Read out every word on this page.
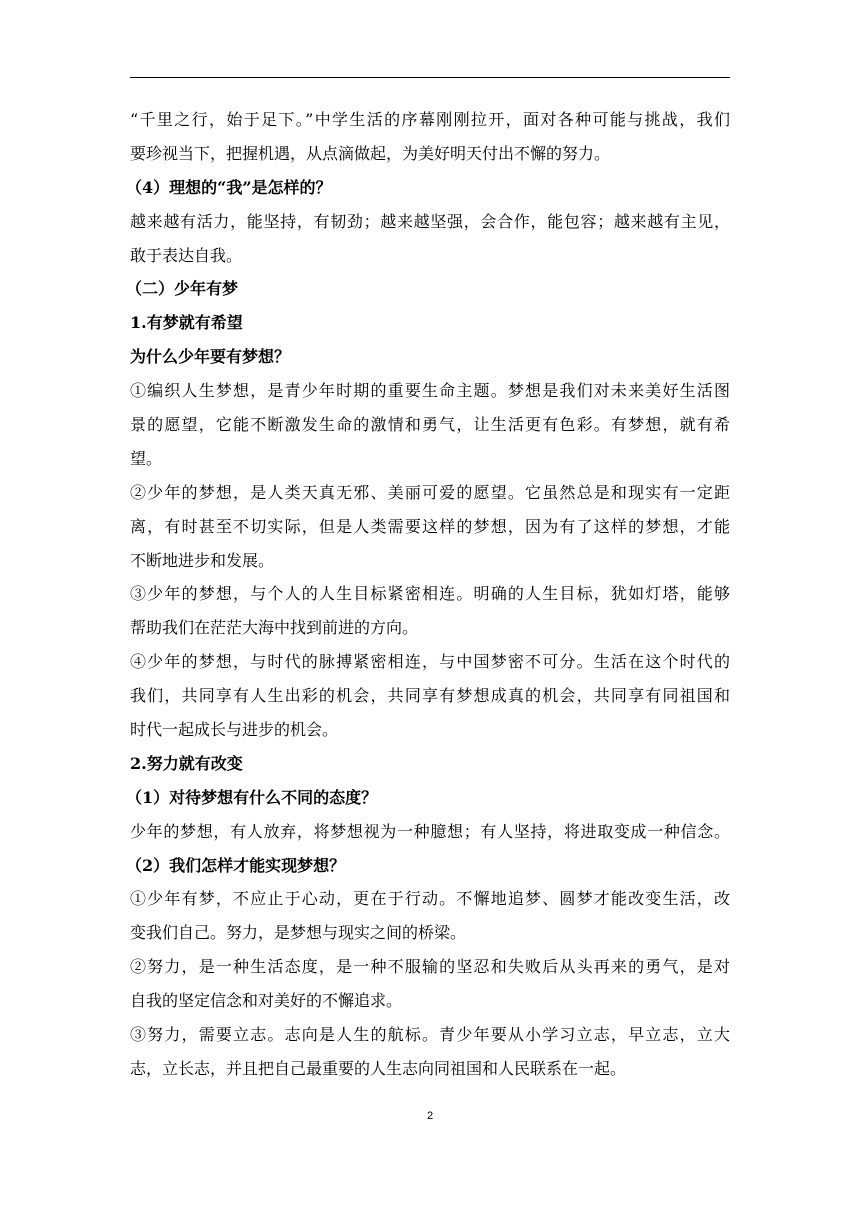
“千里之行，始于足下。”中学生活的序幕刚刚拉开，面对各种可能与挑战，我们
要珍视当下，把握机遇，从点滴做起，为美好明天付出不懈的努力。
（4）理想的“我”是怎样的？
越来越有活力，能坚持，有韧劲；越来越坚强，会合作，能包容；越来越有主见，
敢于表达自我。
（二）少年有梦
1.有梦就有希望
为什么少年要有梦想？
①编织人生梦想，是青少年时期的重要生命主题。梦想是我们对未来美好生活图
景的愿望，它能不断激发生命的激情和勇气，让生活更有色彩。有梦想，就有希
望。
②少年的梦想，是人类天真无邪、美丽可爱的愿望。它虽然总是和现实有一定距
离，有时甚至不切实际，但是人类需要这样的梦想，因为有了这样的梦想，才能
不断地进步和发展。
③少年的梦想，与个人的人生目标紧密相连。明确的人生目标，犹如灯塔，能够
帮助我们在茫茫大海中找到前进的方向。
④少年的梦想，与时代的脉搏紧密相连，与中国梦密不可分。生活在这个时代的
我们，共同享有人生出彩的机会，共同享有梦想成真的机会，共同享有同祖国和
时代一起成长与进步的机会。
2.努力就有改变
（1）对待梦想有什么不同的态度？
少年的梦想，有人放弃，将梦想视为一种臆想；有人坚持，将进取变成一种信念。
（2）我们怎样才能实现梦想？
①少年有梦，不应止于心动，更在于行动。不懈地追梦、圆梦才能改变生活，改
变我们自己。努力，是梦想与现实之间的桥梁。
②努力，是一种生活态度，是一种不服输的坚忍和失败后从头再来的勇气，是对
自我的坚定信念和对美好的不懈追求。
③努力，需要立志。志向是人生的航标。青少年要从小学习立志，早立志，立大
志，立长志，并且把自己最重要的人生志向同祖国和人民联系在一起。
2
